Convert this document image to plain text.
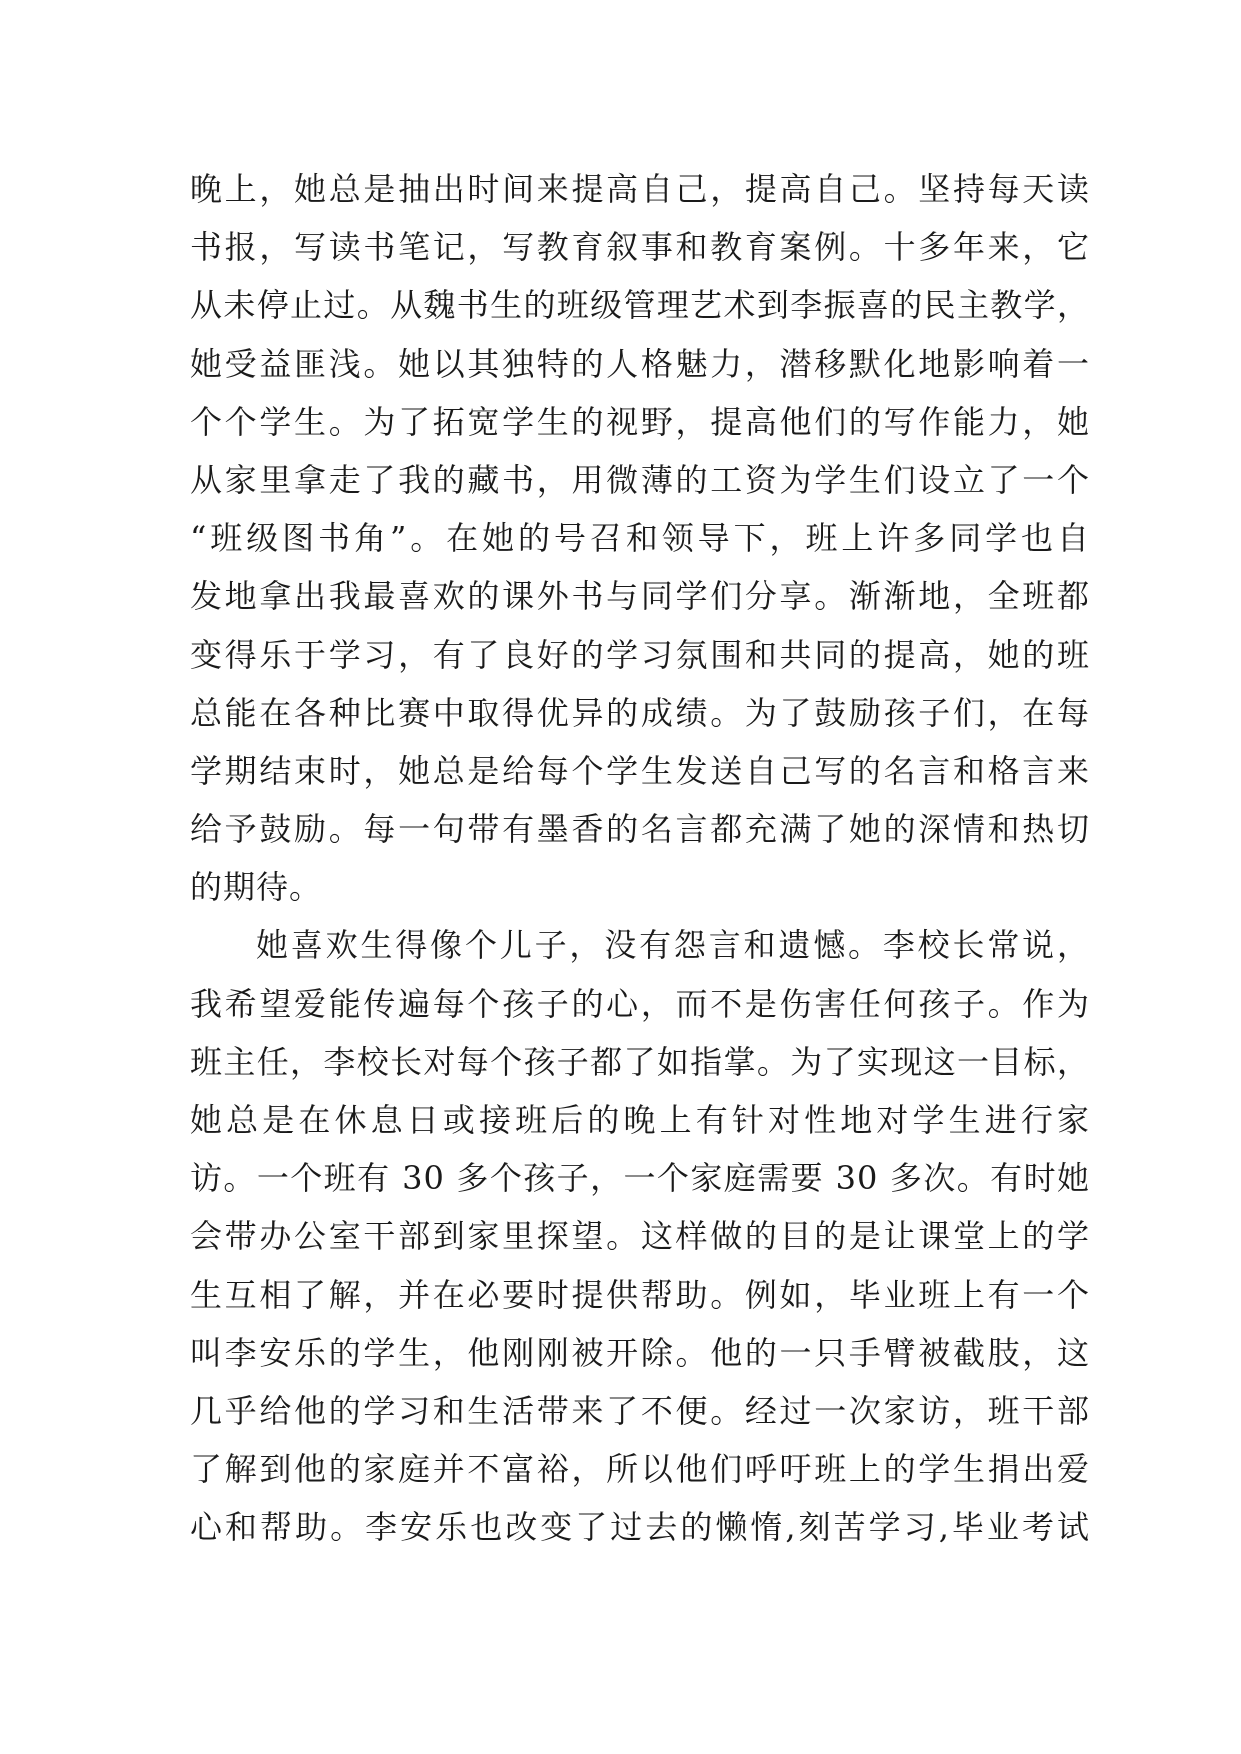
晚上，她总是抽出时间来提高自己，提高自己。坚持每天读
书报，写读书笔记，写教育叙事和教育案例。十多年来，它
从未停止过。从魏书生的班级管理艺术到李振喜的民主教学，
她受益匪浅。她以其独特的人格魅力，潜移默化地影响着一
个个学生。为了拓宽学生的视野，提高他们的写作能力，她
从家里拿走了我的藏书，用微薄的工资为学生们设立了一个
“班级图书角”。在她的号召和领导下，班上许多同学也自
发地拿出我最喜欢的课外书与同学们分享。渐渐地，全班都
变得乐于学习，有了良好的学习氛围和共同的提高，她的班
总能在各种比赛中取得优异的成绩。为了鼓励孩子们，在每
学期结束时，她总是给每个学生发送自己写的名言和格言来
给予鼓励。每一句带有墨香的名言都充满了她的深情和热切
的期待。
她喜欢生得像个儿子，没有怨言和遗憾。李校长常说，
我希望爱能传遍每个孩子的心，而不是伤害任何孩子。作为
班主任，李校长对每个孩子都了如指掌。为了实现这一目标，
她总是在休息日或接班后的晚上有针对性地对学生进行家
访。一个班有 30 多个孩子，一个家庭需要 30 多次。有时她
会带办公室干部到家里探望。这样做的目的是让课堂上的学
生互相了解，并在必要时提供帮助。例如，毕业班上有一个
叫李安乐的学生，他刚刚被开除。他的一只手臂被截肢，这
几乎给他的学习和生活带来了不便。经过一次家访，班干部
了解到他的家庭并不富裕，所以他们呼吁班上的学生捐出爱
心和帮助。李安乐也改变了过去的懒惰,刻苦学习,毕业考试
